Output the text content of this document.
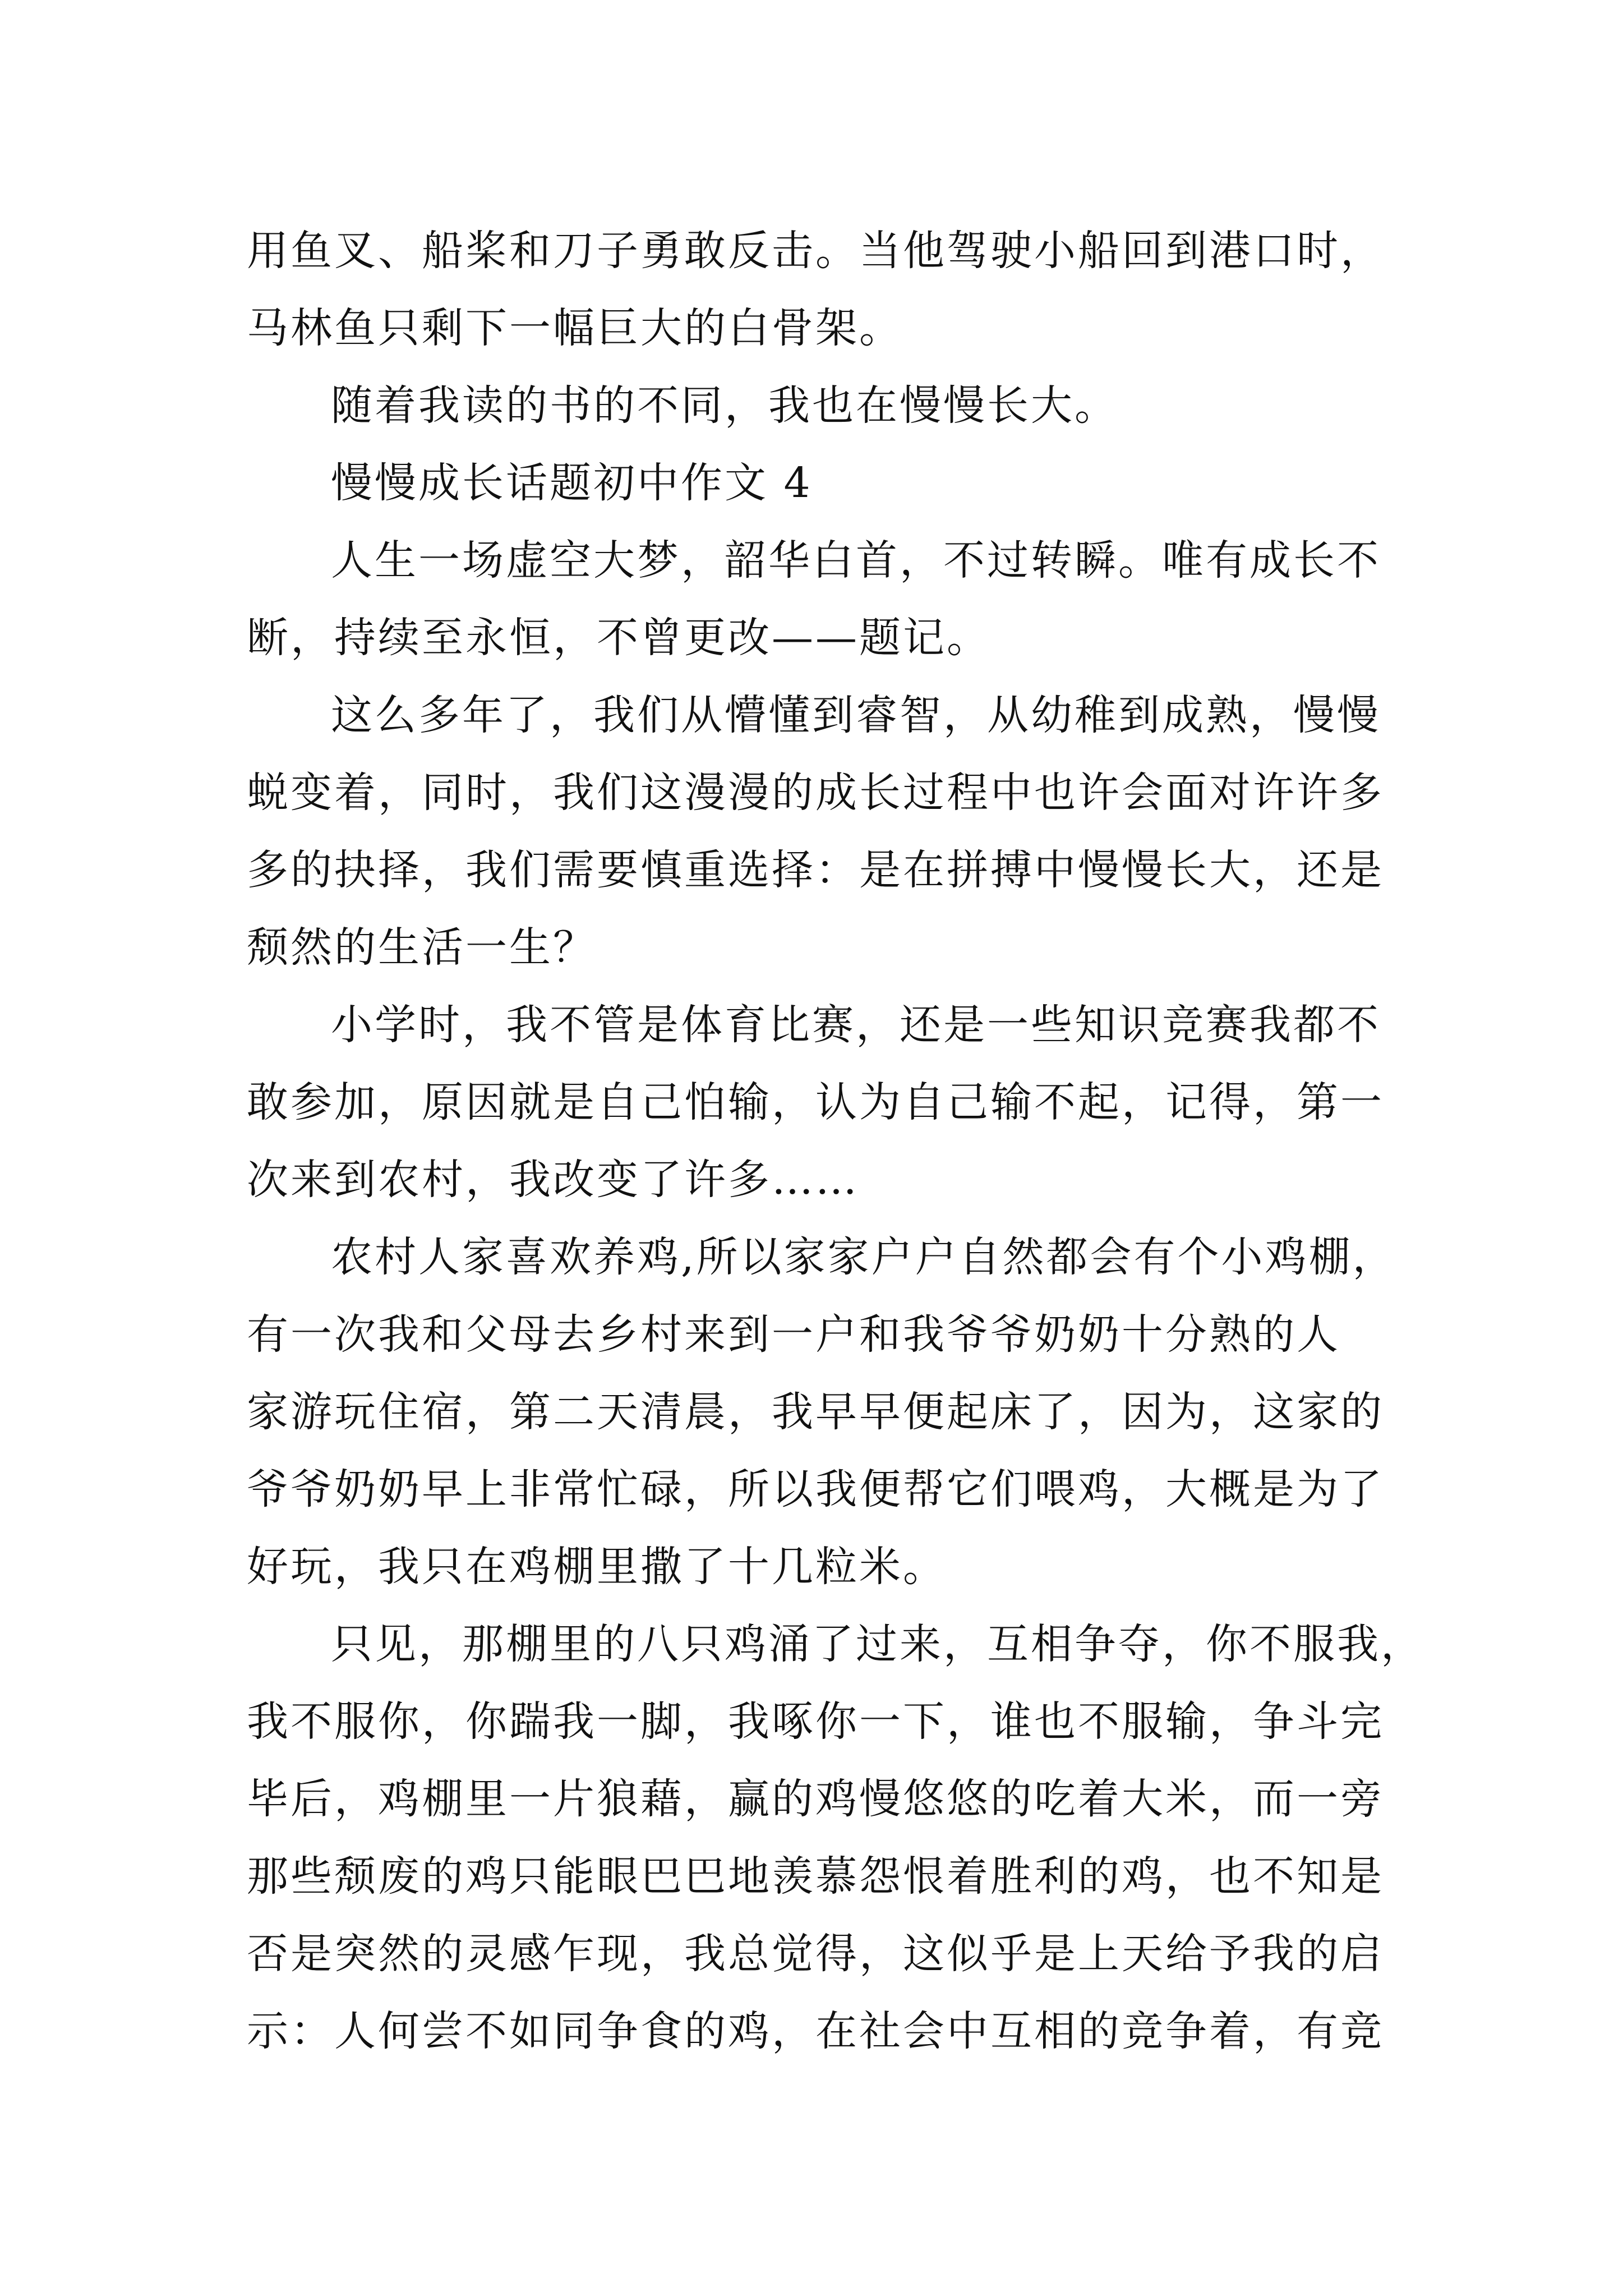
用鱼叉、船桨和刀子勇敢反击。当他驾驶小船回到港口时，
马林鱼只剩下一幅巨大的白骨架。
随着我读的书的不同，我也在慢慢长大。
慢慢成长话题初中作文 4
人生一场虚空大梦，韶华白首，不过转瞬。唯有成长不
断，持续至永恒，不曾更改——题记。
这么多年了，我们从懵懂到睿智，从幼稚到成熟，慢慢
蜕变着，同时，我们这漫漫的成长过程中也许会面对许许多
多的抉择，我们需要慎重选择：是在拼搏中慢慢长大，还是
颓然的生活一生？
小学时，我不管是体育比赛，还是一些知识竞赛我都不
敢参加，原因就是自己怕输，认为自己输不起，记得，第一
次来到农村，我改变了许多……
农村人家喜欢养鸡,所以家家户户自然都会有个小鸡棚，
有一次我和父母去乡村来到一户和我爷爷奶奶十分熟的人
家游玩住宿，第二天清晨，我早早便起床了，因为，这家的
爷爷奶奶早上非常忙碌，所以我便帮它们喂鸡，大概是为了
好玩，我只在鸡棚里撒了十几粒米。
只见，那棚里的八只鸡涌了过来，互相争夺，你不服我，
我不服你，你踹我一脚，我啄你一下，谁也不服输，争斗完
毕后，鸡棚里一片狼藉，赢的鸡慢悠悠的吃着大米，而一旁
那些颓废的鸡只能眼巴巴地羡慕怨恨着胜利的鸡，也不知是
否是突然的灵感乍现，我总觉得，这似乎是上天给予我的启
示：人何尝不如同争食的鸡，在社会中互相的竞争着，有竞
